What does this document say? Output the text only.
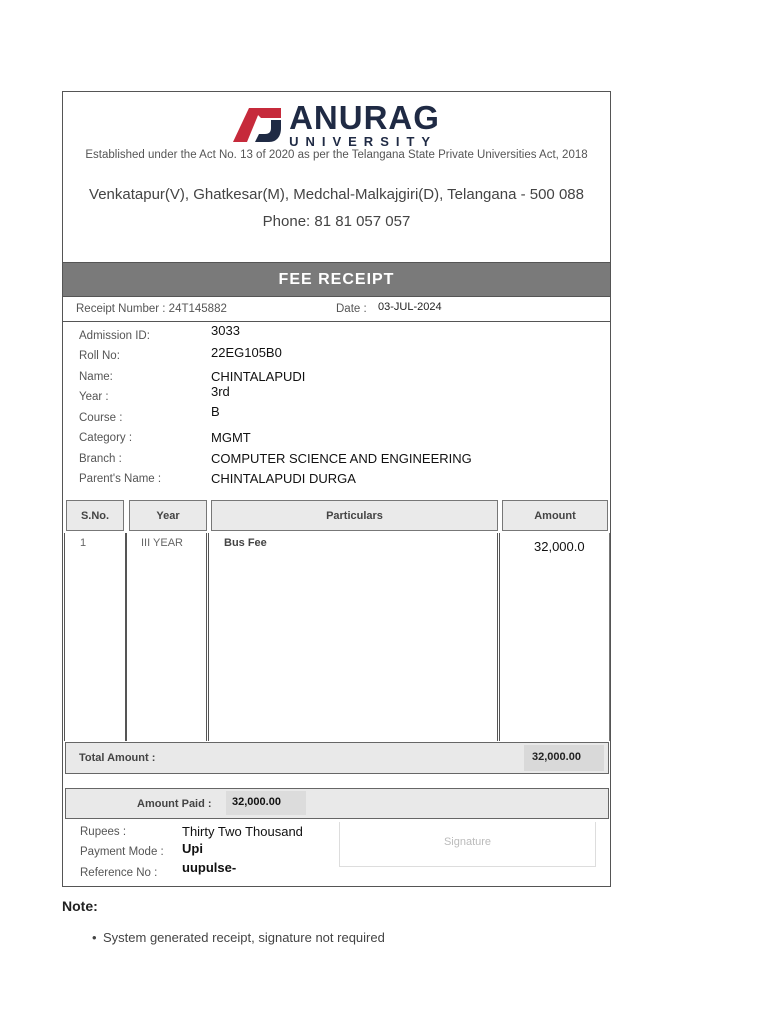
ANURAG
UNIVERSITY
Established under the Act No. 13 of 2020 as per the Telangana State Private Universities Act, 2018
Venkatapur(V), Ghatkesar(M), Medchal-Malkajgiri(D), Telangana - 500 088
Phone: 81 81 057 057
FEE RECEIPT
Receipt Number : 24T145882	Date : 03-JUL-2024
Admission ID:	3033
Roll No:	22EG105B0
Name:	CHINTALAPUDI
Year :	3rd
Course :	B
Category :	MGMT
Branch :	COMPUTER SCIENCE AND ENGINEERING
Parent's Name :	CHINTALAPUDI DURGA
S.No.	Year	Particulars	Amount
1	III YEAR	Bus Fee	32,000.0
Total Amount :	32,000.00
Amount Paid :	32,000.00
Rupees :	Thirty Two Thousand
Payment Mode : Upi
Reference No : uupulse-
Signature
Note:
• System generated receipt, signature not required
